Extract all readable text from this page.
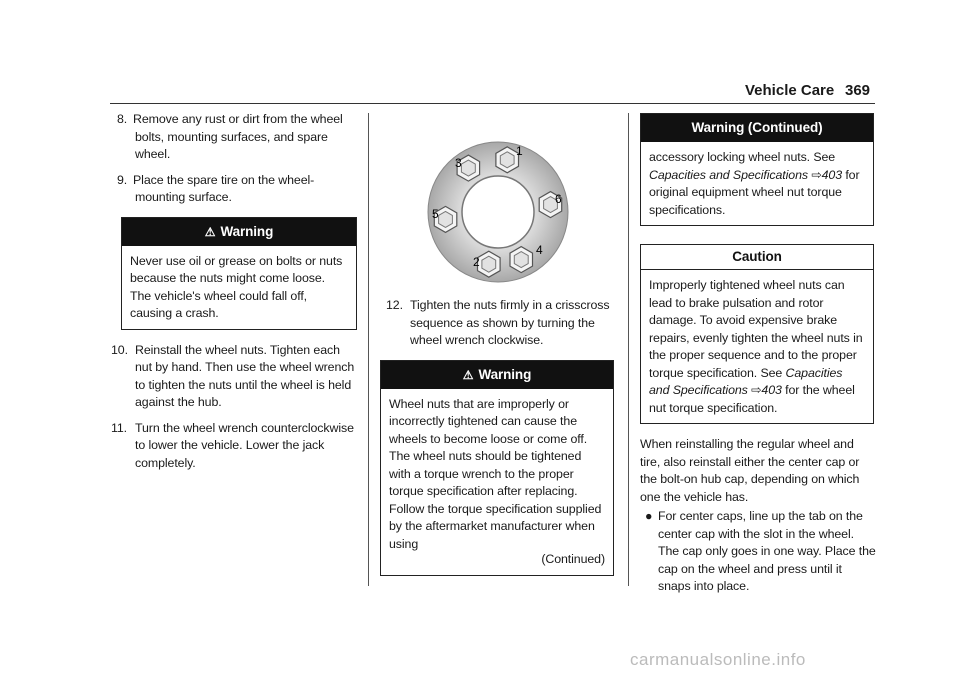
Vehicle Care 369

8. Remove any rust or dirt from the wheel bolts, mounting surfaces, and spare wheel.

9. Place the spare tire on the wheel-mounting surface.

⚠ Warning
Never use oil or grease on bolts or nuts because the nuts might come loose. The vehicle's wheel could fall off, causing a crash.

10. Reinstall the wheel nuts. Tighten each nut by hand. Then use the wheel wrench to tighten the nuts until the wheel is held against the hub.

11. Turn the wheel wrench counterclockwise to lower the vehicle. Lower the jack completely.

1
2
3
4
5
6

12. Tighten the nuts firmly in a crisscross sequence as shown by turning the wheel wrench clockwise.

⚠ Warning
Wheel nuts that are improperly or incorrectly tightened can cause the wheels to become loose or come off. The wheel nuts should be tightened with a torque wrench to the proper torque specification after replacing. Follow the torque specification supplied by the aftermarket manufacturer when using
(Continued)
Warning (Continued)
accessory locking wheel nuts. See
Capacities and Specifications ⇨403 for original equipment wheel nut torque specifications.
Caution
Improperly tightened wheel nuts can lead to brake pulsation and rotor damage. To avoid expensive brake repairs, evenly tighten the wheel nuts in the proper sequence and to the proper torque specification. See Capacities and Specifications ⇨403 for the wheel nut torque specification.

When reinstalling the regular wheel and tire, also reinstall either the center cap or the bolt-on hub cap, depending on which one the vehicle has.

● For center caps, line up the tab on the center cap with the slot in the wheel. The cap only goes in one way. Place the cap on the wheel and press until it snaps into place.

carmanualsonline.info
